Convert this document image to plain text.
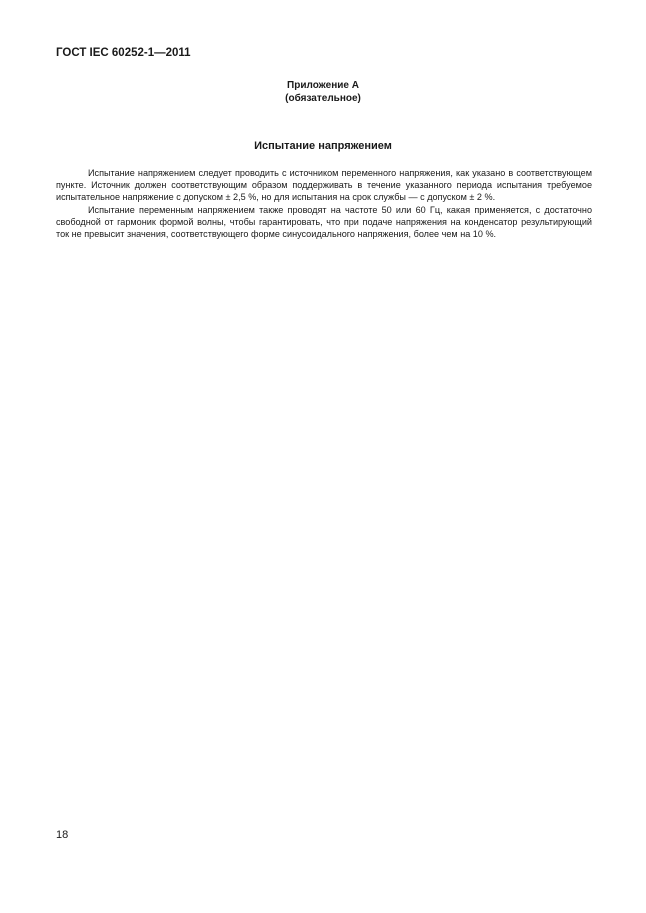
ГОСТ IEC 60252-1—2011
Приложение А
(обязательное)
Испытание напряжением

Испытание напряжением следует проводить с источником переменного напряжения, как указано в соответствующем пункте. Источник должен соответствующим образом поддерживать в течение указанного периода испытания требуемое испытательное напряжение с допуском ± 2,5 %, но для испытания на срок службы — с допуском ± 2 %.

Испытание переменным напряжением также проводят на частоте 50 или 60 Гц, какая применяется, с достаточно свободной от гармоник формой волны, чтобы гарантировать, что при подаче напряжения на конденсатор результирующий ток не превысит значения, соответствующего форме синусоидального напряжения, более чем на 10 %.

18
